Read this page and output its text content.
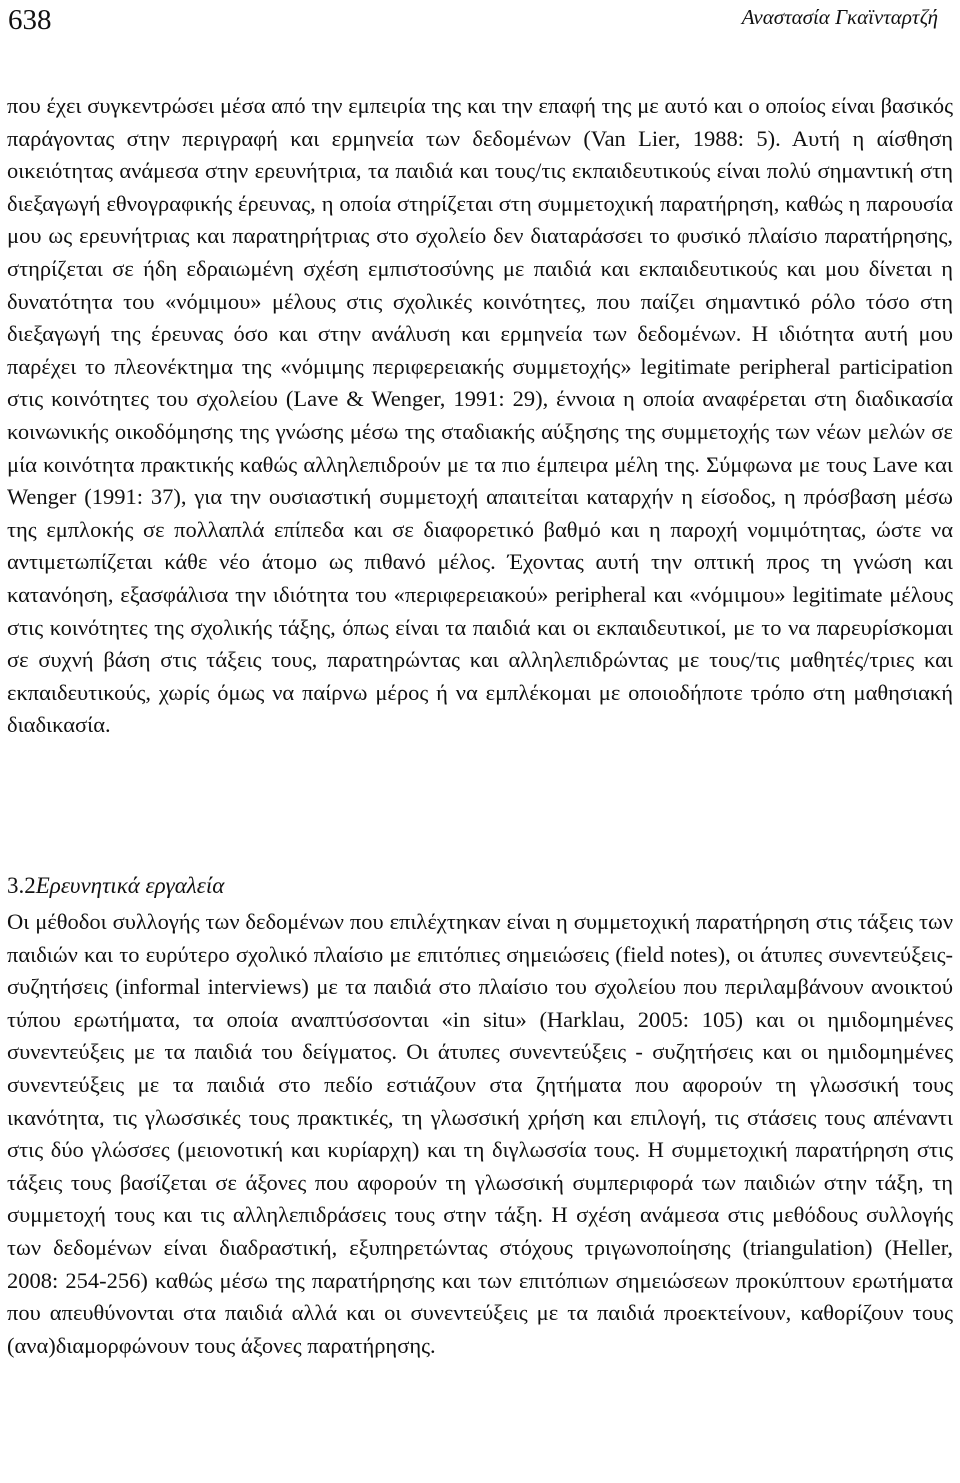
638	Αναστασία Γκαϊνταρτζή

που έχει συγκεντρώσει μέσα από την εμπειρία της και την επαφή της με αυτό και ο οποίος είναι βασικός παράγοντας στην περιγραφή και ερμηνεία των δεδομένων (Van Lier, 1988: 5). Αυτή η αίσθηση οικειότητας ανάμεσα στην ερευνήτρια, τα παιδιά και τους/τις εκπαιδευτικούς είναι πολύ σημαντική στη διεξαγωγή εθνογραφικής έρευνας, η οποία στηρίζεται στη συμμετοχική παρατήρηση, καθώς η παρουσία μου ως ερευνήτριας και παρατηρήτριας στο σχολείο δεν διαταράσσει το φυσικό πλαίσιο παρατήρησης, στηρίζεται σε ήδη εδραιωμένη σχέση εμπιστοσύνης με παιδιά και εκπαιδευτικούς και μου δίνεται η δυνατότητα του «νόμιμου» μέλους στις σχολικές κοινότητες, που παίζει σημαντικό ρόλο τόσο στη διεξαγωγή της έρευνας όσο και στην ανάλυση και ερμηνεία των δεδομένων. Η ιδιότητα αυτή μου παρέχει το πλεονέκτημα της «νόμιμης περιφερειακής συμμετοχής» legitimate peripheral participation στις κοινότητες του σχολείου (Lave & Wenger, 1991: 29), έννοια η οποία αναφέρεται στη διαδικασία κοινωνικής οικοδόμησης της γνώσης μέσω της σταδιακής αύξησης της συμμετοχής των νέων μελών σε μία κοινότητα πρακτικής καθώς αλληλεπιδρούν με τα πιο έμπειρα μέλη της. Σύμφωνα με τους Lave και Wenger (1991: 37), για την ουσιαστική συμμετοχή απαιτείται καταρχήν η είσοδος, η πρόσβαση μέσω της εμπλοκής σε πολλαπλά επίπεδα και σε διαφορετικό βαθμό και η παροχή νομιμότητας, ώστε να αντιμετωπίζεται κάθε νέο άτομο ως πιθανό μέλος. Έχοντας αυτή την οπτική προς τη γνώση και κατανόηση, εξασφάλισα την ιδιότητα του «περιφερειακού» peripheral και «νόμιμου» legitimate μέλους στις κοινότητες της σχολικής τάξης, όπως είναι τα παιδιά και οι εκπαιδευτικοί, με το να παρευρίσκομαι σε συχνή βάση στις τάξεις τους, παρατηρώντας και αλληλεπιδρώντας με τους/τις μαθητές/τριες και εκπαιδευτικούς, χωρίς όμως να παίρνω μέρος ή να εμπλέκομαι με οποιοδήποτε τρόπο στη μαθησιακή διαδικασία.

3.2Ερευνητικά εργαλεία

Οι μέθοδοι συλλογής των δεδομένων που επιλέχτηκαν είναι η συμμετοχική παρατήρηση στις τάξεις των παιδιών και το ευρύτερο σχολικό πλαίσιο με επιτόπιες σημειώσεις (field notes), οι άτυπες συνεντεύξεις-συζητήσεις (informal interviews) με τα παιδιά στο πλαίσιο του σχολείου που περιλαμβάνουν ανοικτού τύπου ερωτήματα, τα οποία αναπτύσσονται «in situ» (Harklau, 2005: 105) και οι ημιδομημένες συνεντεύξεις με τα παιδιά του δείγματος. Οι άτυπες συνεντεύξεις - συζητήσεις και οι ημιδομημένες συνεντεύξεις με τα παιδιά στο πεδίο εστιάζουν στα ζητήματα που αφορούν τη γλωσσική τους ικανότητα, τις γλωσσικές τους πρακτικές, τη γλωσσική χρήση και επιλογή, τις στάσεις τους απέναντι στις δύο γλώσσες (μειονοτική και κυρίαρχη) και τη διγλωσσία τους. Η συμμετοχική παρατήρηση στις τάξεις τους βασίζεται σε άξονες που αφορούν τη γλωσσική συμπεριφορά των παιδιών στην τάξη, τη συμμετοχή τους και τις αλληλεπιδράσεις τους στην τάξη. Η σχέση ανάμεσα στις μεθόδους συλλογής των δεδομένων είναι διαδραστική, εξυπηρετώντας στόχους τριγωνοποίησης (triangulation) (Heller, 2008: 254-256) καθώς μέσω της παρατήρησης και των επιτόπιων σημειώσεων προκύπτουν ερωτήματα που απευθύνονται στα παιδιά αλλά και οι συνεντεύξεις με τα παιδιά προεκτείνουν, καθορίζουν τους (ανα)διαμορφώνουν τους άξονες παρατήρησης.
